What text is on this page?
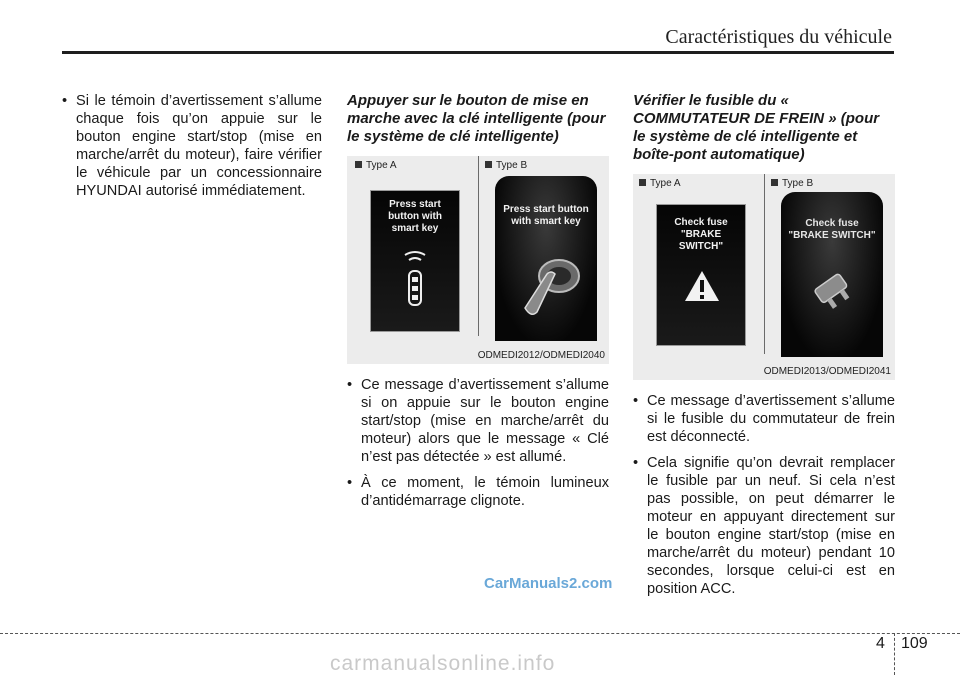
Caractéristiques du véhicule

• Si le témoin d’avertissement s’allume chaque fois qu’on appuie sur le bouton engine start/stop (mise en marche/arrêt du moteur), faire vérifier le véhicule par un concessionnaire HYUNDAI autorisé immédiatement.

Appuyer sur le bouton de mise en marche avec la clé intelligente (pour le système de clé intelligente)

Type A	Type B
Press start button with smart key
Press start button with smart key
ODMEDI2012/ODMEDI2040

• Ce message d’avertissement s’allume si on appuie sur le bouton engine start/stop (mise en marche/arrêt du moteur) alors que le message « Clé n’est pas détectée » est allumé.

• À ce moment, le témoin lumineux d’antidémarrage clignote.

Vérifier le fusible du « COMMUTATEUR DE FREIN » (pour le système de clé intelligente et boîte-pont automatique)

Type A	Type B
Check fuse "BRAKE SWITCH"
Check fuse "BRAKE SWITCH"
ODMEDI2013/ODMEDI2041

• Ce message d’avertissement s’allume si le fusible du commutateur de frein est déconnecté.

• Cela signifie qu’on devrait remplacer le fusible par un neuf. Si cela n’est pas possible, on peut démarrer le moteur en appuyant directement sur le bouton engine start/stop (mise en marche/arrêt du moteur) pendant 10 secondes, lorsque celui-ci est en position ACC.

CarManuals2.com
4 109
carmanualsonline.info
